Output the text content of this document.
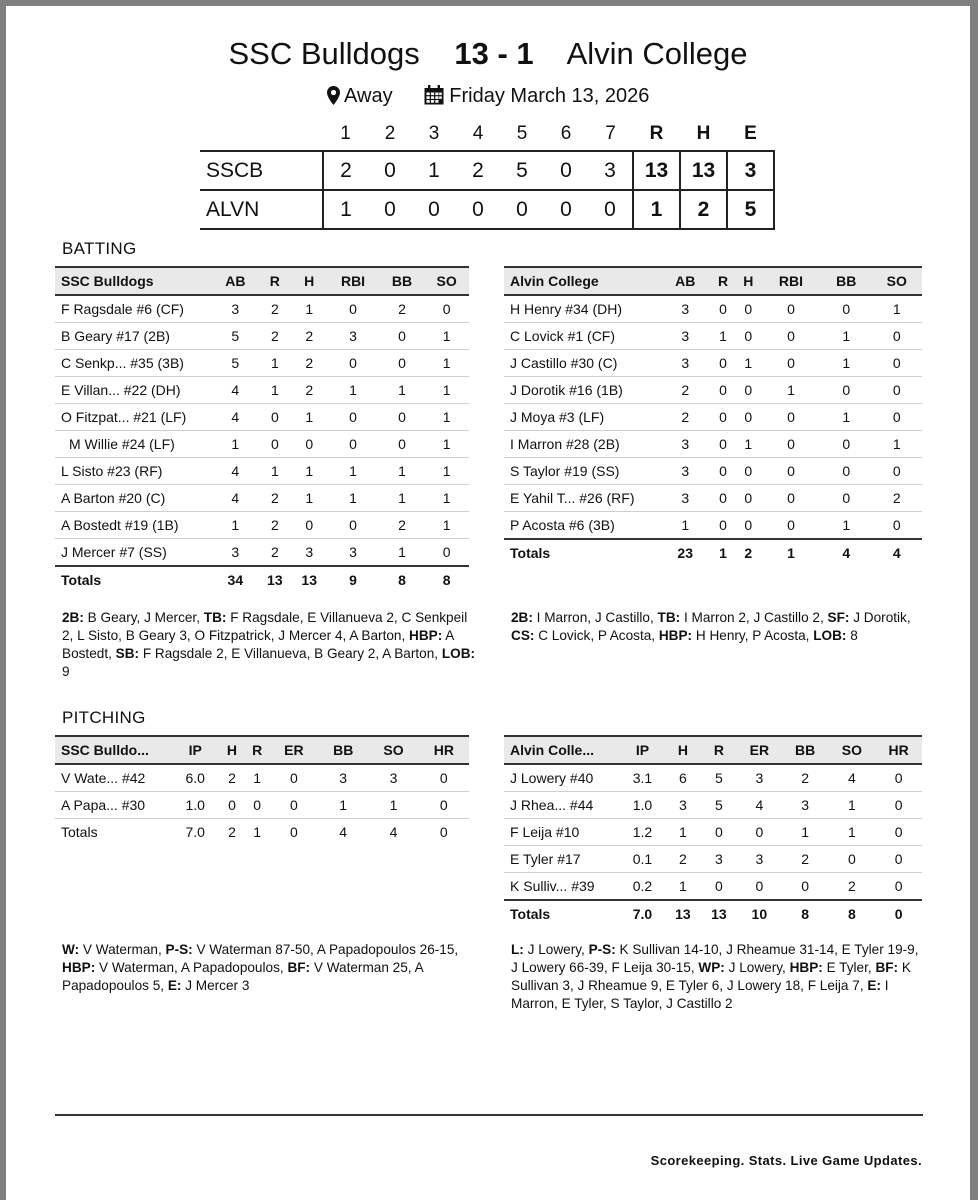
SSC Bulldogs 13 - 1 Alvin College
Away	Friday March 13, 2026
	1	2	3	4	5	6	7	R	H	E
SSCB	2	0	1	2	5	0	3	13	13	3
ALVN	1	0	0	0	0	0	0	1	2	5
BATTING
SSC Bulldogs	AB	R	H	RBI	BB	SO
F Ragsdale #6 (CF)	3	2	1	0	2	0
B Geary #17 (2B)	5	2	2	3	0	1
C Senkp... #35 (3B)	5	1	2	0	0	1
E Villan... #22 (DH)	4	1	2	1	1	1
O Fitzpat... #21 (LF)	4	0	1	0	0	1
M Willie #24 (LF)	1	0	0	0	0	1
L Sisto #23 (RF)	4	1	1	1	1	1
A Barton #20 (C)	4	2	1	1	1	1
A Bostedt #19 (1B)	1	2	0	0	2	1
J Mercer #7 (SS)	3	2	3	3	1	0
Totals	34	13	13	9	8	8
Alvin College	AB	R	H	RBI	BB	SO
H Henry #34 (DH)	3	0	0	0	0	1
C Lovick #1 (CF)	3	1	0	0	1	0
J Castillo #30 (C)	3	0	1	0	1	0
J Dorotik #16 (1B)	2	0	0	1	0	0
J Moya #3 (LF)	2	0	0	0	1	0
I Marron #28 (2B)	3	0	1	0	0	1
S Taylor #19 (SS)	3	0	0	0	0	0
E Yahil T... #26 (RF)	3	0	0	0	0	2
P Acosta #6 (3B)	1	0	0	0	1	0
Totals	23	1	2	1	4	4
2B: B Geary, J Mercer, TB: F Ragsdale, E Villanueva 2, C Senkpeil 2, L Sisto, B Geary 3, O Fitzpatrick, J Mercer 4, A Barton, HBP: A Bostedt, SB: F Ragsdale 2, E Villanueva, B Geary 2, A Barton, LOB: 9
2B: I Marron, J Castillo, TB: I Marron 2, J Castillo 2, SF: J Dorotik, CS: C Lovick, P Acosta, HBP: H Henry, P Acosta, LOB: 8
PITCHING
SSC Bulldo...	IP	H	R	ER	BB	SO	HR
V Wate... #42	6.0	2	1	0	3	3	0
A Papa... #30	1.0	0	0	0	1	1	0
Totals	7.0	2	1	0	4	4	0
Alvin Colle...	IP	H	R	ER	BB	SO	HR
J Lowery #40	3.1	6	5	3	2	4	0
J Rhea... #44	1.0	3	5	4	3	1	0
F Leija #10	1.2	1	0	0	1	1	0
E Tyler #17	0.1	2	3	3	2	0	0
K Sulliv... #39	0.2	1	0	0	0	2	0
Totals	7.0	13	13	10	8	8	0
W: V Waterman, P-S: V Waterman 87-50, A Papadopoulos 26-15, HBP: V Waterman, A Papadopoulos, BF: V Waterman 25, A Papadopoulos 5, E: J Mercer 3
L: J Lowery, P-S: K Sullivan 14-10, J Rheamue 31-14, E Tyler 19-9, J Lowery 66-39, F Leija 30-15, WP: J Lowery, HBP: E Tyler, BF: K Sullivan 3, J Rheamue 9, E Tyler 6, J Lowery 18, F Leija 7, E: I Marron, E Tyler, S Taylor, J Castillo 2
Scorekeeping. Stats. Live Game Updates.
